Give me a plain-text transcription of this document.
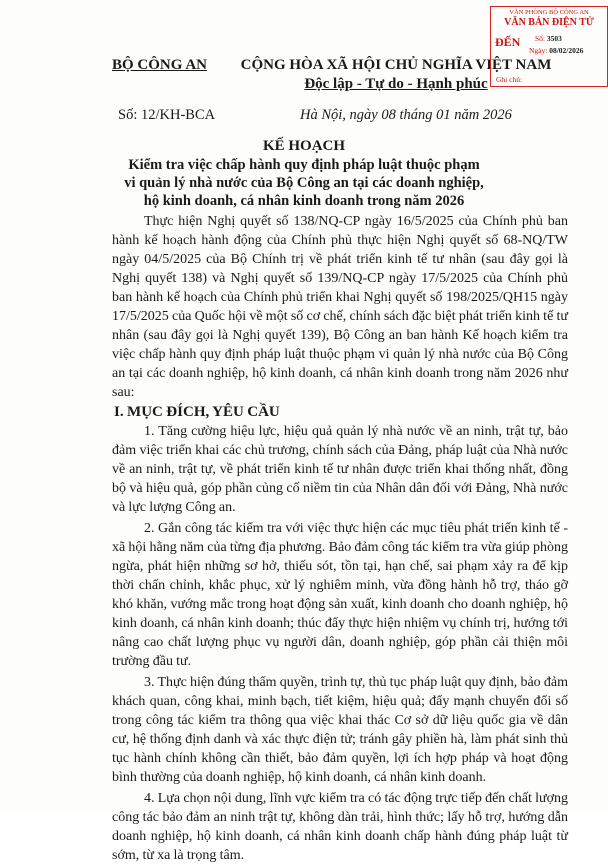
BỘ CÔNG AN	CỘNG HÒA XÃ HỘI CHỦ NGHĨA VIỆT NAM
Độc lập - Tự do - Hạnh phúc
Số: 12/KH-BCA	Hà Nội, ngày 08 tháng 01 năm 2026
VĂN PHÒNG BỘ CÔNG AN
VĂN BẢN ĐIỆN TỬ
ĐẾN Số: 3503
Ngày: 08/02/2026
Ghi chú:
KẾ HOẠCH
Kiểm tra việc chấp hành quy định pháp luật thuộc phạm vi quản lý nhà nước của Bộ Công an tại các doanh nghiệp, hộ kinh doanh, cá nhân kinh doanh trong năm 2026

Thực hiện Nghị quyết số 138/NQ-CP ngày 16/5/2025 của Chính phủ ban hành kế hoạch hành động của Chính phủ thực hiện Nghị quyết số 68-NQ/TW ngày 04/5/2025 của Bộ Chính trị về phát triển kinh tế tư nhân (sau đây gọi là Nghị quyết 138) và Nghị quyết số 139/NQ-CP ngày 17/5/2025 của Chính phủ ban hành kế hoạch của Chính phủ triển khai Nghị quyết số 198/2025/QH15 ngày 17/5/2025 của Quốc hội về một số cơ chế, chính sách đặc biệt phát triển kinh tế tư nhân (sau đây gọi là Nghị quyết 139), Bộ Công an ban hành Kế hoạch kiểm tra việc chấp hành quy định pháp luật thuộc phạm vi quản lý nhà nước của Bộ Công an tại các doanh nghiệp, hộ kinh doanh, cá nhân kinh doanh trong năm 2026 như sau:

I. MỤC ĐÍCH, YÊU CẦU

1. Tăng cường hiệu lực, hiệu quả quản lý nhà nước về an ninh, trật tự, bảo đảm việc triển khai các chủ trương, chính sách của Đảng, pháp luật của Nhà nước về an ninh, trật tự, về phát triển kinh tế tư nhân được triển khai thống nhất, đồng bộ và hiệu quả, góp phần củng cố niềm tin của Nhân dân đối với Đảng, Nhà nước và lực lượng Công an.

2. Gắn công tác kiểm tra với việc thực hiện các mục tiêu phát triển kinh tế - xã hội hằng năm của từng địa phương. Bảo đảm công tác kiểm tra vừa giúp phòng ngừa, phát hiện những sơ hở, thiếu sót, tồn tại, hạn chế, sai phạm xảy ra để kịp thời chấn chỉnh, khắc phục, xử lý nghiêm minh, vừa đồng hành hỗ trợ, tháo gỡ khó khăn, vướng mắc trong hoạt động sản xuất, kinh doanh cho doanh nghiệp, hộ kinh doanh, cá nhân kinh doanh; thúc đẩy thực hiện nhiệm vụ chính trị, hướng tới nâng cao chất lượng phục vụ người dân, doanh nghiệp, góp phần cải thiện môi trường đầu tư.

3. Thực hiện đúng thẩm quyền, trình tự, thủ tục pháp luật quy định, bảo đảm khách quan, công khai, minh bạch, tiết kiệm, hiệu quả; đẩy mạnh chuyển đổi số trong công tác kiểm tra thông qua việc khai thác Cơ sở dữ liệu quốc gia về dân cư, hệ thống định danh và xác thực điện tử; tránh gây phiền hà, làm phát sinh thủ tục hành chính không cần thiết, bảo đảm quyền, lợi ích hợp pháp và hoạt động bình thường của doanh nghiệp, hộ kinh doanh, cá nhân kinh doanh.

4. Lựa chọn nội dung, lĩnh vực kiểm tra có tác động trực tiếp đến chất lượng công tác bảo đảm an ninh trật tự, không dàn trải, hình thức; lấy hỗ trợ, hướng dẫn doanh nghiệp, hộ kinh doanh, cá nhân kinh doanh chấp hành đúng pháp luật từ sớm, từ xa là trọng tâm.
